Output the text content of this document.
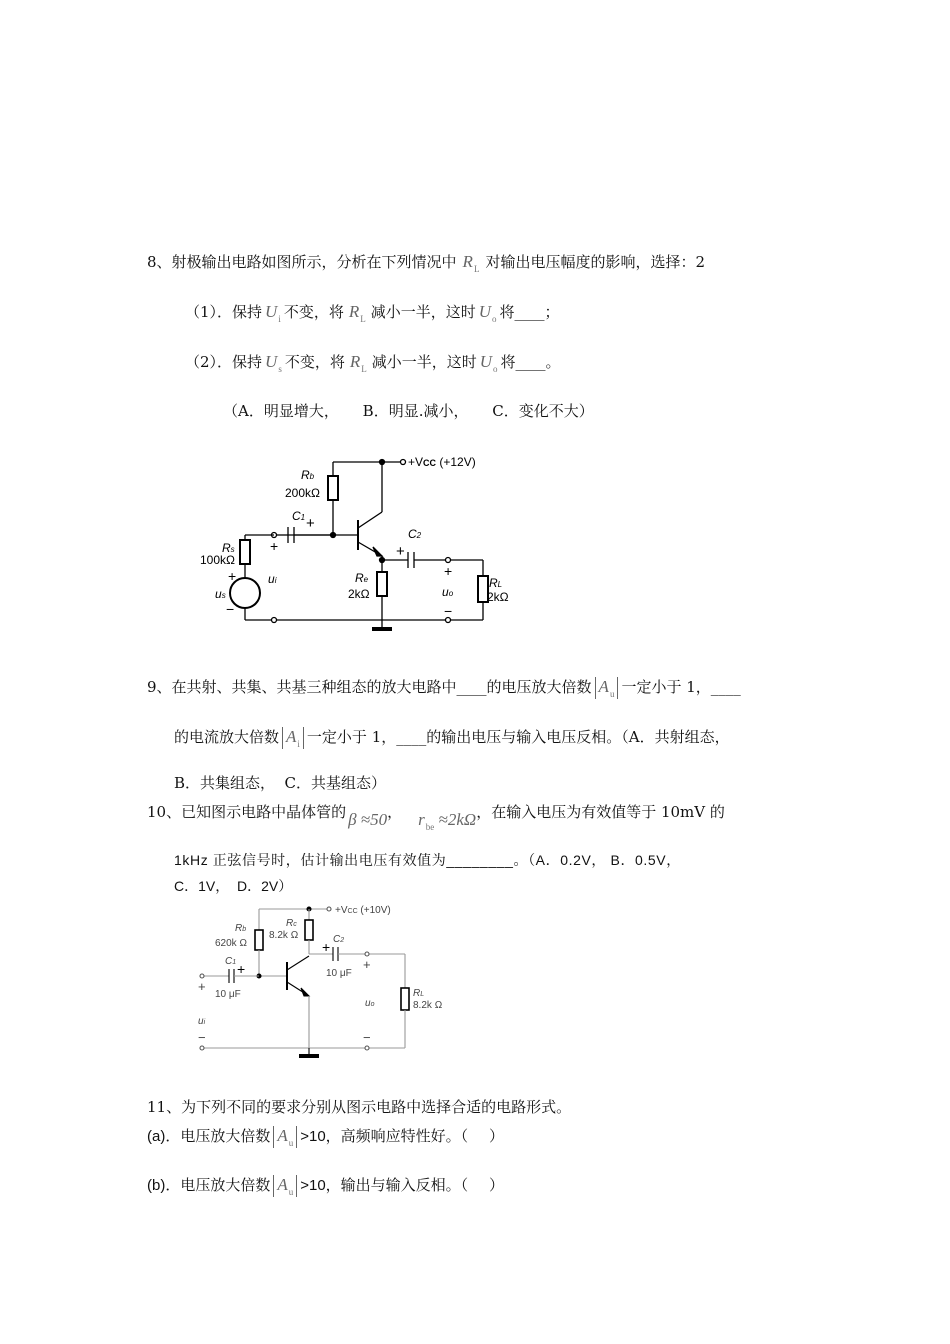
8、射极输出电路如图所示，分析在下列情况中 $R_L$ 对输出电压幅度的影响，选择：2
（1）．保持 $U_i$ 不变，将 $R_L$ 减小一半，这时 $U_o$ 将____；
（2）．保持 $U_s$ 不变，将 $R_L$ 减小一半，这时 $U_o$ 将____。
（A．明显增大，     B．明显.减小，     C．变化不大）
+VCC (+12V)
Rb
200kΩ
C1 +
+
C2
+
+
Rs
100kΩ
+	ui
us
−
Re
2kΩ	uo
−
RL
2kΩ
9、在共射、共集、共基三种组态的放大电路中____的电压放大倍数 $A_u$ 一定小于 1，____
的电流放大倍数 $A_i$ 一定小于 1，____的输出电压与输入电压反相。（A．共射组态，
B．共集组态，  C．共基组态）
10、已知图示电路中晶体管的 β ≈50， $r_{be} \approx 2k\Omega$，在输入电压为有效值等于 10mV 的
1kHz 正弦信号时，估计输出电压有效值为________。（A．0.2V， B．0.5V，
C．1V，  D．2V）
+VCC (+10V)
Rb
620k Ω
Rc
8.2k Ω	C2
+
10 μF
+
C1 +
10 μF
+
ui
−
uo
−
RL
8.2k Ω
11、为下列不同的要求分别从图示电路中选择合适的电路形式。
(a)．电压放大倍数 $A_u >10$，高频响应特性好。（     ）
(b)．电压放大倍数 $A_u >10$，输出与输入反相。（     ）
